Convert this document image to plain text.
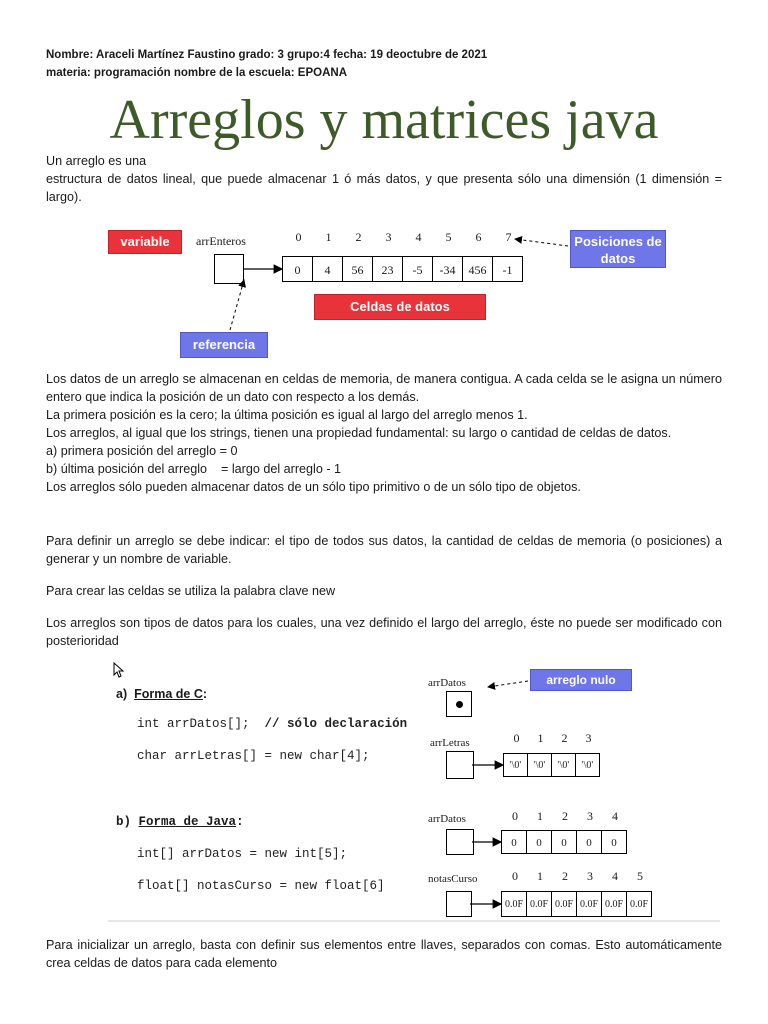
Nombre: Araceli Martínez Faustino grado: 3 grupo:4 fecha: 19 deoctubre de 2021
materia: programación nombre de la escuela: EPOANA
Arreglos y matrices java
Un arreglo es una
estructura de datos lineal, que puede almacenar 1 ó más datos, y que presenta sólo una dimensión (1 dimensión = largo).
variable	arrEnteros	0	1	2	3	4	5	6	7
0	4	56	23	-5	-34	456	-1
Posiciones de datos
Celdas de datos
referencia
Los datos de un arreglo se almacenan en celdas de memoria, de manera contigua. A cada celda se le asigna un número entero que indica la posición de un dato con respecto a los demás.
La primera posición es la cero; la última posición es igual al largo del arreglo menos 1.
Los arreglos, al igual que los strings, tienen una propiedad fundamental: su largo o cantidad de celdas de datos.
a) primera posición del arreglo = 0
b) última posición del arreglo    = largo del arreglo - 1
Los arreglos sólo pueden almacenar datos de un sólo tipo primitivo o de un sólo tipo de objetos.
Para definir un arreglo se debe indicar: el tipo de todos sus datos, la cantidad de celdas de memoria (o posiciones) a generar y un nombre de variable.
Para crear las celdas se utiliza la palabra clave new
Los arreglos son tipos de datos para los cuales, una vez definido el largo del arreglo, éste no puede ser modificado con posterioridad
a) Forma de C:
int arrDatos[]; // sólo declaración
char arrLetras[] = new char[4];
b) Forma de Java:
int[] arrDatos = new int[5];
float[] notasCurso = new float[6]
arrDatos	arreglo nulo
arrLetras	0	1	2	3
'\0'	'\0'	'\0'	'\0'
arrDatos	0	1	2	3	4
0	0	0	0	0
notasCurso	0	1	2	3	4	5
0.0F 0.0F 0.0F 0.0F 0.0F 0.0F
Para inicializar un arreglo, basta con definir sus elementos entre llaves, separados con comas. Esto automáticamente crea celdas de datos para cada elemento
